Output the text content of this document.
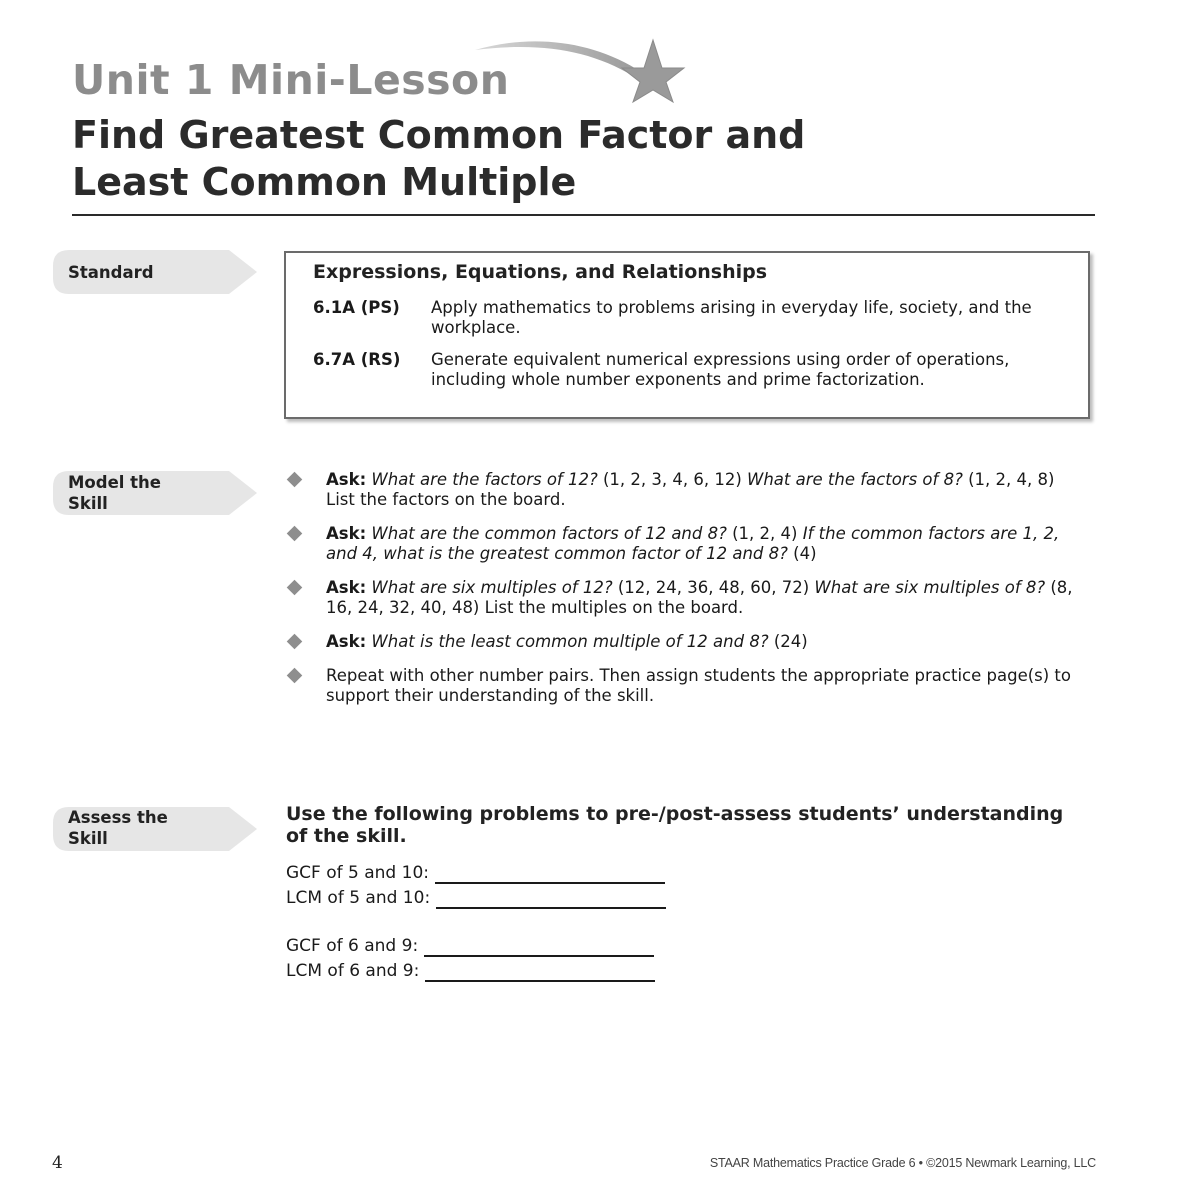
Unit 1 Mini-Lesson
Find Greatest Common Factor and
Least Common Multiple
Standard	Expressions, Equations, and Relationships
6.1A (PS)	Apply mathematics to problems arising in everyday life, society, and the workplace.
6.7A (RS)	Generate equivalent numerical expressions using order of operations, including whole number exponents and prime factorization.
Model the
Skill
Ask: What are the factors of 12? (1, 2, 3, 4, 6, 12) What are the factors of 8? (1, 2, 4, 8) List the factors on the board.
Ask: What are the common factors of 12 and 8? (1, 2, 4) If the common factors are 1, 2, and 4, what is the greatest common factor of 12 and 8? (4)
Ask: What are six multiples of 12? (12, 24, 36, 48, 60, 72) What are six multiples of 8? (8, 16, 24, 32, 40, 48) List the multiples on the board.
Ask: What is the least common multiple of 12 and 8? (24)
Repeat with other number pairs. Then assign students the appropriate practice page(s) to support their understanding of the skill.
Assess the
Skill
Use the following problems to pre-/post-assess students’ understanding of the skill.
GCF of 5 and 10:
LCM of 5 and 10:
GCF of 6 and 9:
LCM of 6 and 9:
4	STAAR Mathematics Practice Grade 6 • ©2015 Newmark Learning, LLC
